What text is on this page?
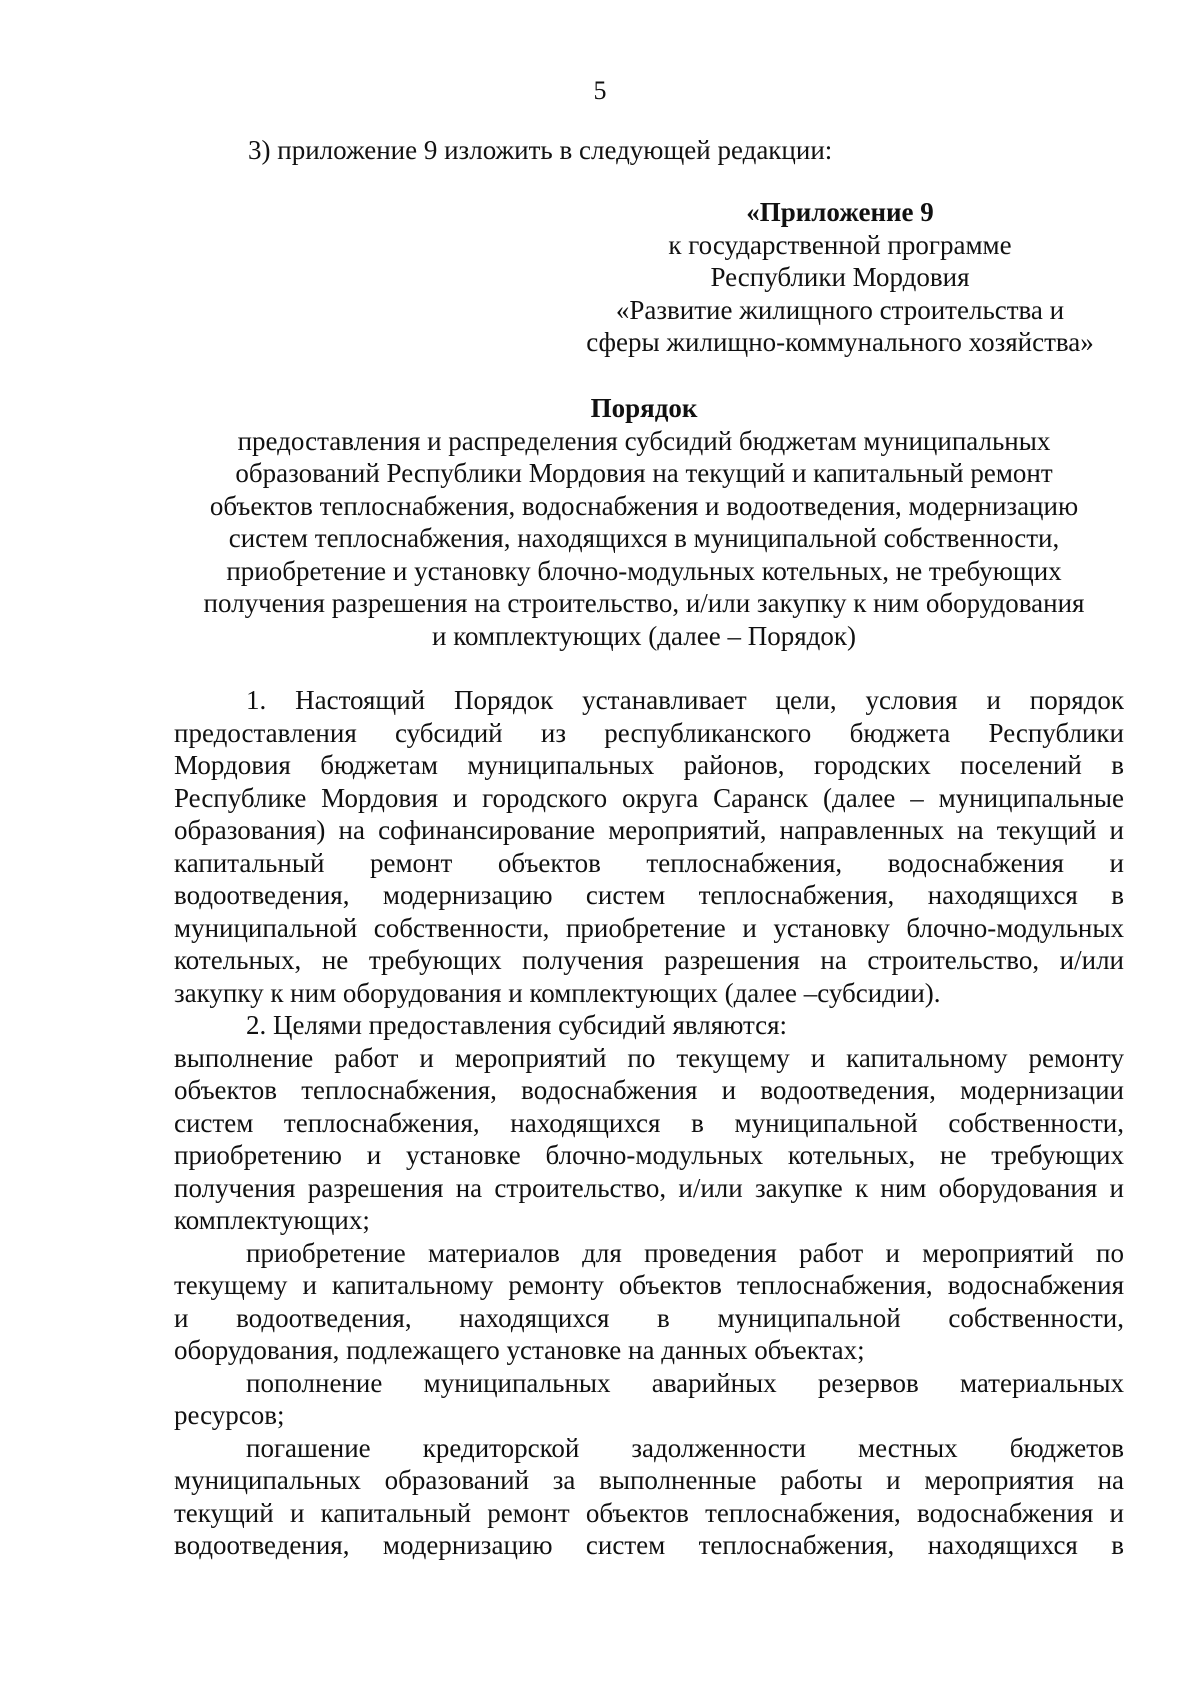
5
3) приложение 9 изложить в следующей редакции:
«Приложение 9
к государственной программе
Республики Мордовия
«Развитие жилищного строительства и
сферы жилищно-коммунального хозяйства»
Порядок
предоставления и распределения субсидий бюджетам муниципальных
образований Республики Мордовия на текущий и капитальный ремонт
объектов теплоснабжения, водоснабжения и водоотведения, модернизацию
систем теплоснабжения, находящихся в муниципальной собственности,
приобретение и установку блочно-модульных котельных, не требующих
получения разрешения на строительство, и/или закупку к ним оборудования
и комплектующих (далее – Порядок)
1. Настоящий Порядок устанавливает цели, условия и порядок
предоставления субсидий из республиканского бюджета Республики
Мордовия бюджетам муниципальных районов, городских поселений в
Республике Мордовия и городского округа Саранск (далее – муниципальные
образования) на софинансирование мероприятий, направленных на текущий и
капитальный ремонт объектов теплоснабжения, водоснабжения и
водоотведения, модернизацию систем теплоснабжения, находящихся в
муниципальной собственности, приобретение и установку блочно-модульных
котельных, не требующих получения разрешения на строительство, и/или
закупку к ним оборудования и комплектующих (далее –субсидии).
2. Целями предоставления субсидий являются:
выполнение работ и мероприятий по текущему и капитальному ремонту
объектов теплоснабжения, водоснабжения и водоотведения, модернизации
систем теплоснабжения, находящихся в муниципальной собственности,
приобретению и установке блочно-модульных котельных, не требующих
получения разрешения на строительство, и/или закупке к ним оборудования и
комплектующих;
приобретение материалов для проведения работ и мероприятий по
текущему и капитальному ремонту объектов теплоснабжения, водоснабжения
и водоотведения, находящихся в муниципальной собственности,
оборудования, подлежащего установке на данных объектах;
пополнение муниципальных аварийных резервов материальных
ресурсов;
погашение кредиторской задолженности местных бюджетов
муниципальных образований за выполненные работы и мероприятия на
текущий и капитальный ремонт объектов теплоснабжения, водоснабжения и
водоотведения, модернизацию систем теплоснабжения, находящихся в
